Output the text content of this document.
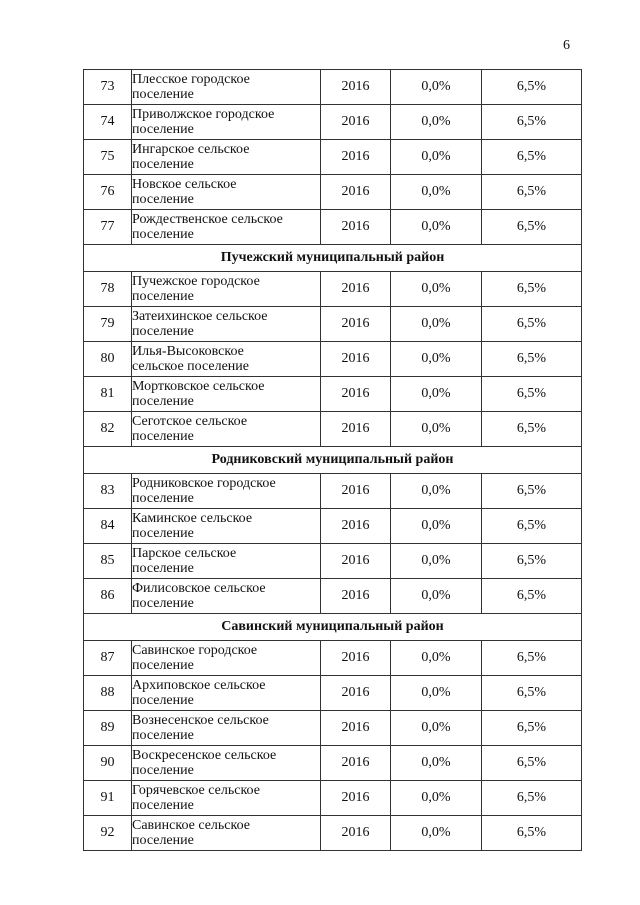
6
73	Плесское городское
поселение	2016	0,0%	6,5%
74	Приволжское городское
поселение	2016	0,0%	6,5%
75	Ингарское сельское
поселение	2016	0,0%	6,5%
76	Новское сельское
поселение	2016	0,0%	6,5%
77	Рождественское сельское
поселение	2016	0,0%	6,5%
Пучежский муниципальный район				
78	Пучежское городское
поселение	2016	0,0%	6,5%
79	Затеихинское сельское
поселение	2016	0,0%	6,5%
80	Илья-Высоковское
сельское поселение	2016	0,0%	6,5%
81	Мортковское сельское
поселение	2016	0,0%	6,5%
82	Сеготское сельское
поселение	2016	0,0%	6,5%
Родниковский муниципальный район				
83	Родниковское городское
поселение	2016	0,0%	6,5%
84	Каминское сельское
поселение	2016	0,0%	6,5%
85	Парское сельское
поселение	2016	0,0%	6,5%
86	Филисовское сельское
поселение	2016	0,0%	6,5%
Савинский муниципальный район				
87	Савинское городское
поселение	2016	0,0%	6,5%
88	Архиповское сельское
поселение	2016	0,0%	6,5%
89	Вознесенское сельское
поселение	2016	0,0%	6,5%
90	Воскресенское сельское
поселение	2016	0,0%	6,5%
91	Горячевское сельское
поселение	2016	0,0%	6,5%
92	Савинское сельское
поселение	2016	0,0%	6,5%
